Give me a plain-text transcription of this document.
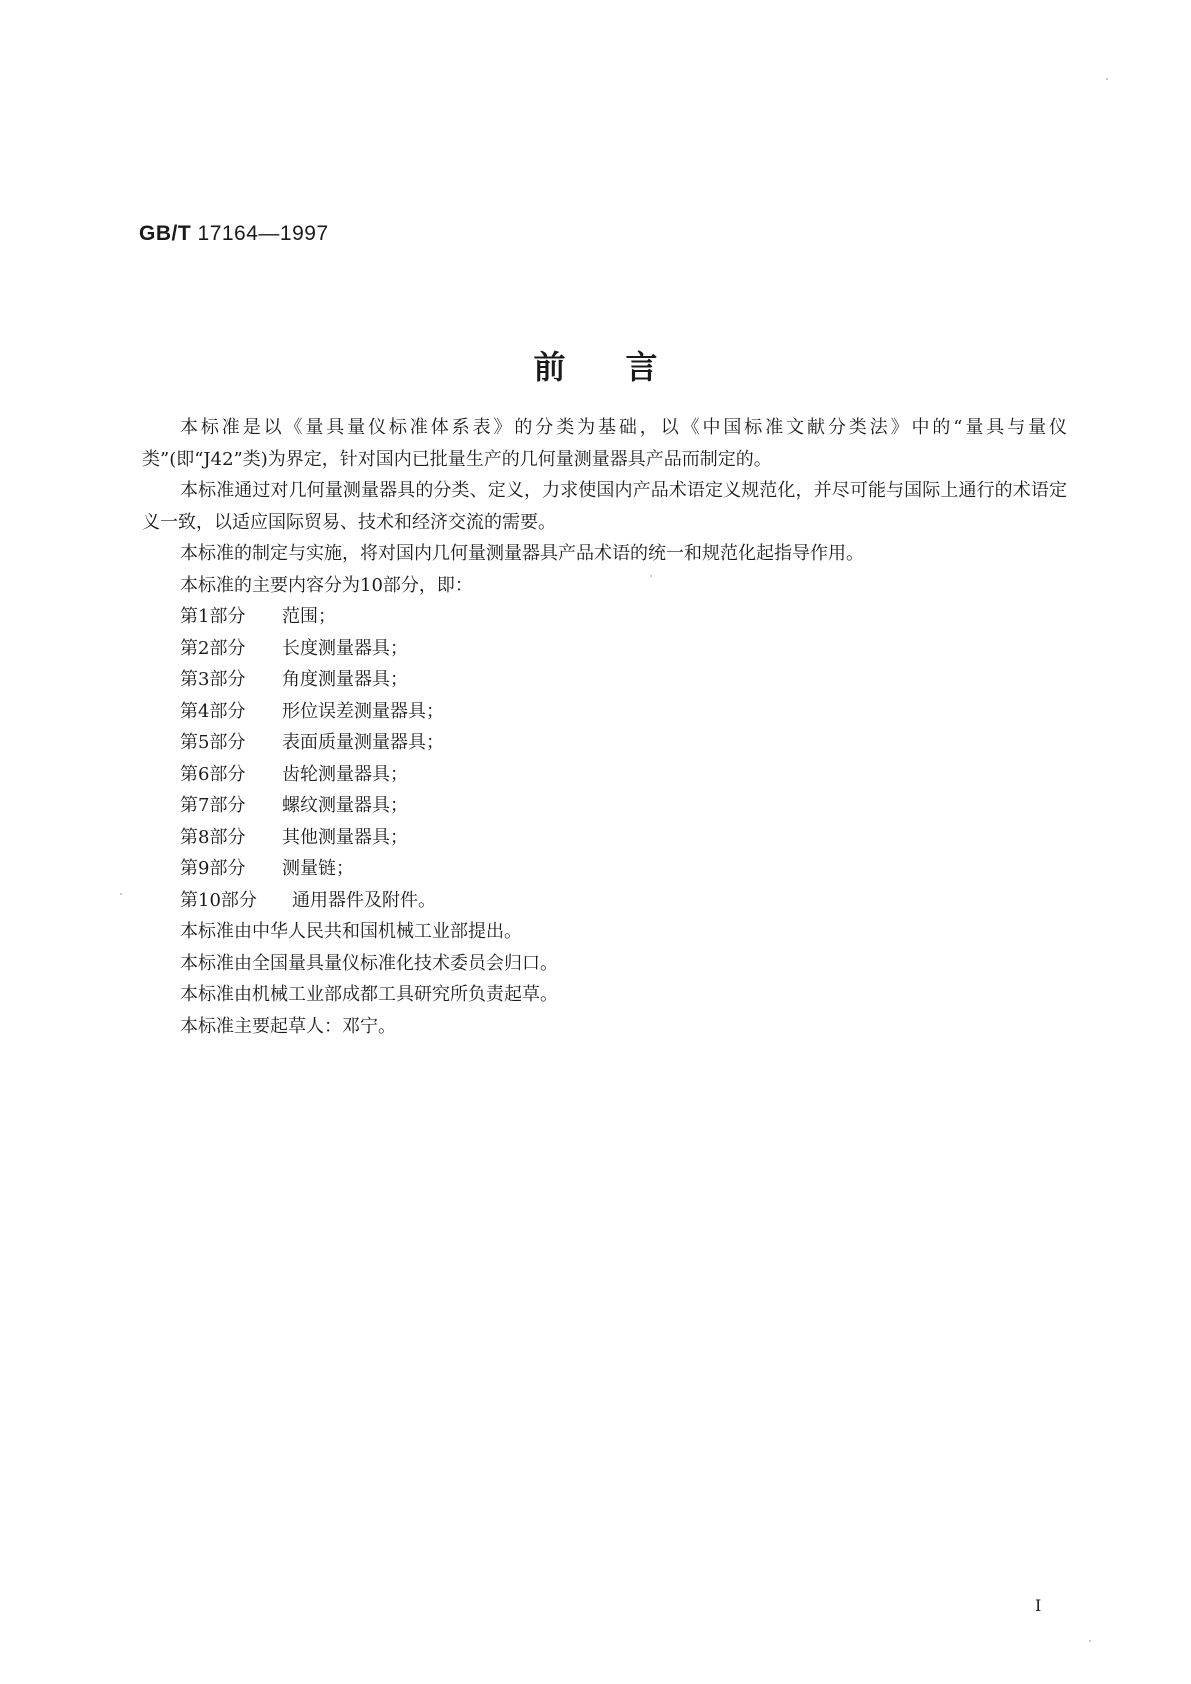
GB/T 17164—1997
前言

本标准是以《量具量仪标准体系表》的分类为基础，以《中国标准文献分类法》中的“量具与量仪类”(即“J42”类)为界定，针对国内已批量生产的几何量测量器具产品而制定的。

本标准通过对几何量测量器具的分类、定义，力求使国内产品术语定义规范化，并尽可能与国际上通行的术语定义一致，以适应国际贸易、技术和经济交流的需要。

本标准的制定与实施，将对国内几何量测量器具产品术语的统一和规范化起指导作用。

本标准的主要内容分为10部分，即：

第1部分 范围；
第2部分 长度测量器具；
第3部分 角度测量器具；
第4部分 形位误差测量器具；
第5部分 表面质量测量器具；
第6部分 齿轮测量器具；
第7部分 螺纹测量器具；
第8部分 其他测量器具；
第9部分 测量链；
第10部分 通用器件及附件。

本标准由中华人民共和国机械工业部提出。

本标准由全国量具量仪标准化技术委员会归口。

本标准由机械工业部成都工具研究所负责起草。

本标准主要起草人：邓宁。

I
